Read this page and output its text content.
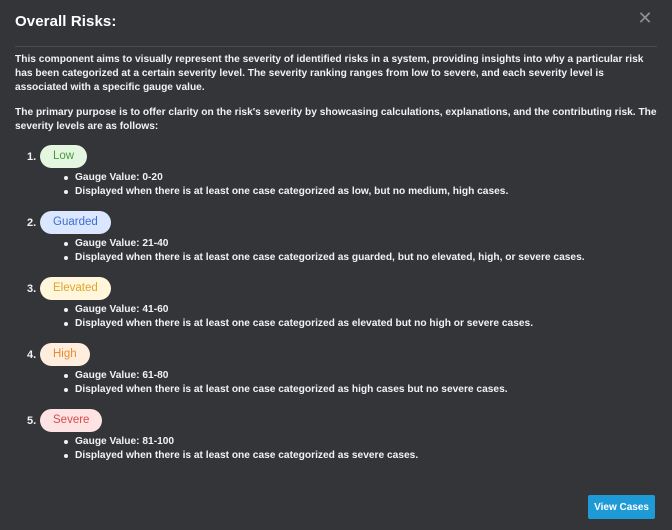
Overall Risks:	✕

This component aims to visually represent the severity of identified risks in a system, providing insights into why a particular risk has been categorized at a certain severity level. The severity ranking ranges from low to severe, and each severity level is associated with a specific gauge value.

The primary purpose is to offer clarity on the risk's severity by showcasing calculations, explanations, and the contributing risk. The severity levels are as follows:

1.	Low
Gauge Value: 0-20
Displayed when there is at least one case categorized as low, but no medium, high cases.
2.	Guarded
Gauge Value: 21-40
Displayed when there is at least one case categorized as guarded, but no elevated, high, or severe cases.
3.	Elevated
Gauge Value: 41-60
Displayed when there is at least one case categorized as elevated but no high or severe cases.
4.	High
Gauge Value: 61-80
Displayed when there is at least one case categorized as high cases but no severe cases.
5.	Severe
Gauge Value: 81-100
Displayed when there is at least one case categorized as severe cases.
View Cases
